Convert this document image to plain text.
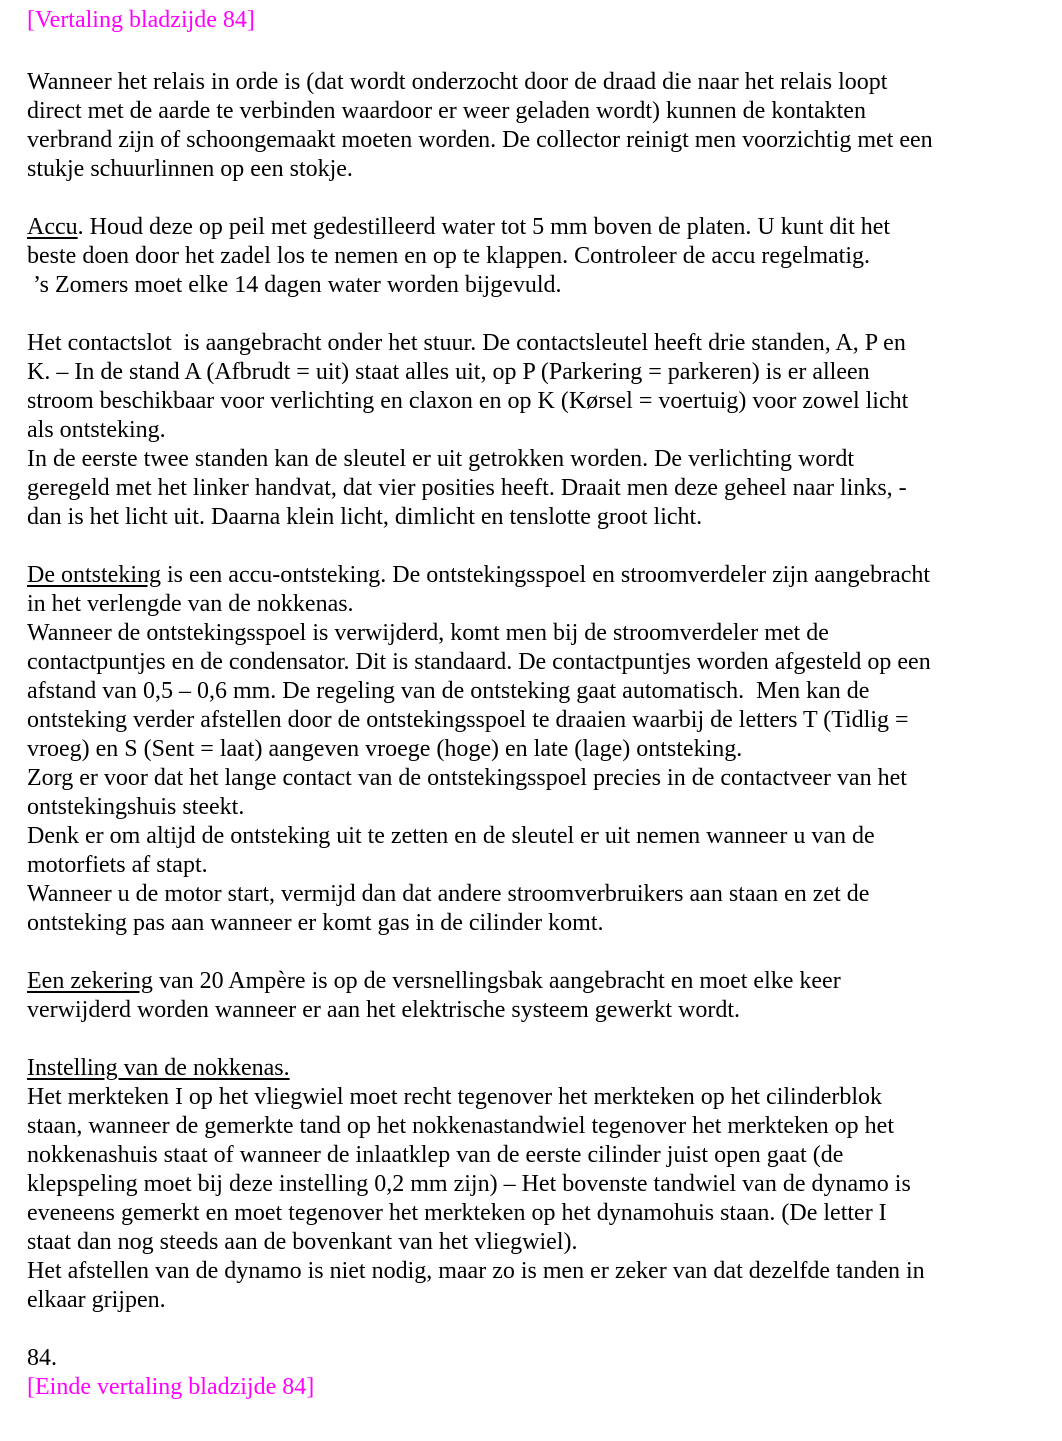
[Vertaling bladzijde 84]
Wanneer het relais in orde is (dat wordt onderzocht door de draad die naar het relais loopt
direct met de aarde te verbinden waardoor er weer geladen wordt) kunnen de kontakten
verbrand zijn of schoongemaakt moeten worden. De collector reinigt men voorzichtig met een
stukje schuurlinnen op een stokje.
Accu. Houd deze op peil met gedestilleerd water tot 5 mm boven de platen. U kunt dit het
beste doen door het zadel los te nemen en op te klappen. Controleer de accu regelmatig.
’s Zomers moet elke 14 dagen water worden bijgevuld.
Het contactslot  is aangebracht onder het stuur. De contactsleutel heeft drie standen, A, P en
K. – In de stand A (Afbrudt = uit) staat alles uit, op P (Parkering = parkeren) is er alleen
stroom beschikbaar voor verlichting en claxon en op K (Kørsel = voertuig) voor zowel licht
als ontsteking.
In de eerste twee standen kan de sleutel er uit getrokken worden. De verlichting wordt
geregeld met het linker handvat, dat vier posities heeft. Draait men deze geheel naar links, -
dan is het licht uit. Daarna klein licht, dimlicht en tenslotte groot licht.
De ontsteking is een accu-ontsteking. De ontstekingsspoel en stroomverdeler zijn aangebracht
in het verlengde van de nokkenas.
Wanneer de ontstekingsspoel is verwijderd, komt men bij de stroomverdeler met de
contactpuntjes en de condensator. Dit is standaard. De contactpuntjes worden afgesteld op een
afstand van 0,5 – 0,6 mm. De regeling van de ontsteking gaat automatisch.  Men kan de
ontsteking verder afstellen door de ontstekingsspoel te draaien waarbij de letters T (Tidlig =
vroeg) en S (Sent = laat) aangeven vroege (hoge) en late (lage) ontsteking.
Zorg er voor dat het lange contact van de ontstekingsspoel precies in de contactveer van het
ontstekingshuis steekt.
Denk er om altijd de ontsteking uit te zetten en de sleutel er uit nemen wanneer u van de
motorfiets af stapt.
Wanneer u de motor start, vermijd dan dat andere stroomverbruikers aan staan en zet de
ontsteking pas aan wanneer er komt gas in de cilinder komt.
Een zekering van 20 Ampère is op de versnellingsbak aangebracht en moet elke keer
verwijderd worden wanneer er aan het elektrische systeem gewerkt wordt.
Instelling van de nokkenas.
Het merkteken I op het vliegwiel moet recht tegenover het merkteken op het cilinderblok
staan, wanneer de gemerkte tand op het nokkenastandwiel tegenover het merkteken op het
nokkenashuis staat of wanneer de inlaatklep van de eerste cilinder juist open gaat (de
klepspeling moet bij deze instelling 0,2 mm zijn) – Het bovenste tandwiel van de dynamo is
eveneens gemerkt en moet tegenover het merkteken op het dynamohuis staan. (De letter I
staat dan nog steeds aan de bovenkant van het vliegwiel).
Het afstellen van de dynamo is niet nodig, maar zo is men er zeker van dat dezelfde tanden in
elkaar grijpen.
84.
[Einde vertaling bladzijde 84]
